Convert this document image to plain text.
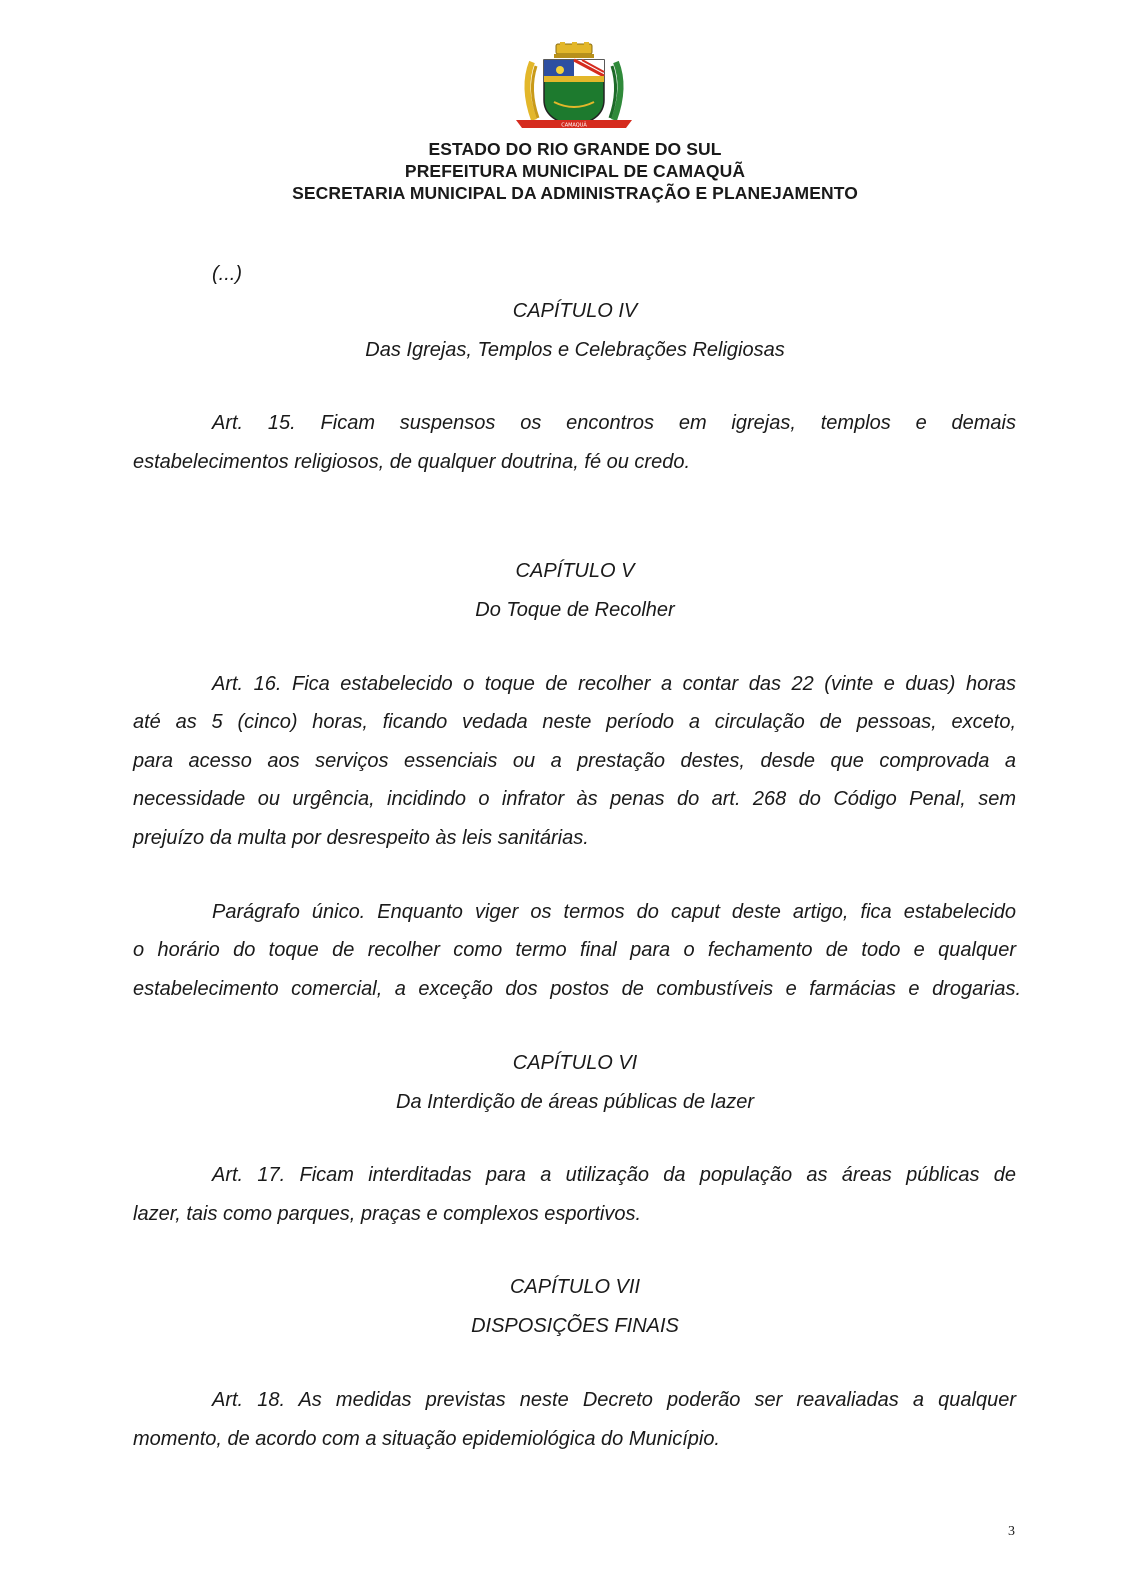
CAMAQUÃ
ESTADO DO RIO GRANDE DO SUL
PREFEITURA MUNICIPAL DE CAMAQUÃ
SECRETARIA MUNICIPAL DA ADMINISTRAÇÃO E PLANEJAMENTO
(...)
CAPÍTULO IV
Das Igrejas, Templos e Celebrações Religiosas
Art. 15. Ficam suspensos os encontros em igrejas, templos e demais
estabelecimentos religiosos, de qualquer doutrina, fé ou credo.
CAPÍTULO V
Do Toque de Recolher
Art. 16. Fica estabelecido o toque de recolher a contar das 22 (vinte e duas) horas
até as 5 (cinco) horas, ficando vedada neste período a circulação de pessoas, exceto,
para acesso aos serviços essenciais ou a prestação destes, desde que comprovada a
necessidade ou urgência, incidindo o infrator às penas do art. 268 do Código Penal, sem
prejuízo da multa por desrespeito às leis sanitárias.
Parágrafo único. Enquanto viger os termos do caput deste artigo, fica estabelecido
o horário do toque de recolher como termo final para o fechamento de todo e qualquer
estabelecimento comercial, a exceção dos postos de combustíveis e farmácias e drogarias.
CAPÍTULO VI
Da Interdição de áreas públicas de lazer
Art. 17. Ficam interditadas para a utilização da população as áreas públicas de
lazer, tais como parques, praças e complexos esportivos.
CAPÍTULO VII
DISPOSIÇÕES FINAIS
Art. 18. As medidas previstas neste Decreto poderão ser reavaliadas a qualquer
momento, de acordo com a situação epidemiológica do Município.
3
